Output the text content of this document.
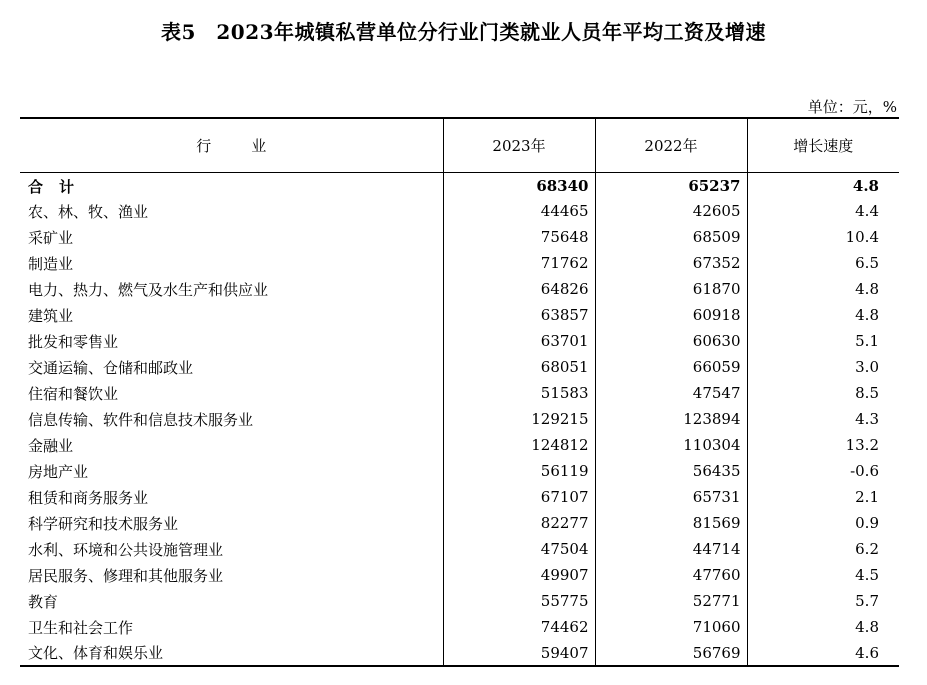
表5　2023年城镇私营单位分行业门类就业人员年平均工资及增速
单位：元，%
行业	2023年	2022年	增长速度
合计	68340	65237	4.8
农、林、牧、渔业	44465	42605	4.4
采矿业	75648	68509	10.4
制造业	71762	67352	6.5
电力、热力、燃气及水生产和供应业	64826	61870	4.8
建筑业	63857	60918	4.8
批发和零售业	63701	60630	5.1
交通运输、仓储和邮政业	68051	66059	3.0
住宿和餐饮业	51583	47547	8.5
信息传输、软件和信息技术服务业	129215	123894	4.3
金融业	124812	110304	13.2
房地产业	56119	56435	-0.6
租赁和商务服务业	67107	65731	2.1
科学研究和技术服务业	82277	81569	0.9
水利、环境和公共设施管理业	47504	44714	6.2
居民服务、修理和其他服务业	49907	47760	4.5
教育	55775	52771	5.7
卫生和社会工作	74462	71060	4.8
文化、体育和娱乐业	59407	56769	4.6
